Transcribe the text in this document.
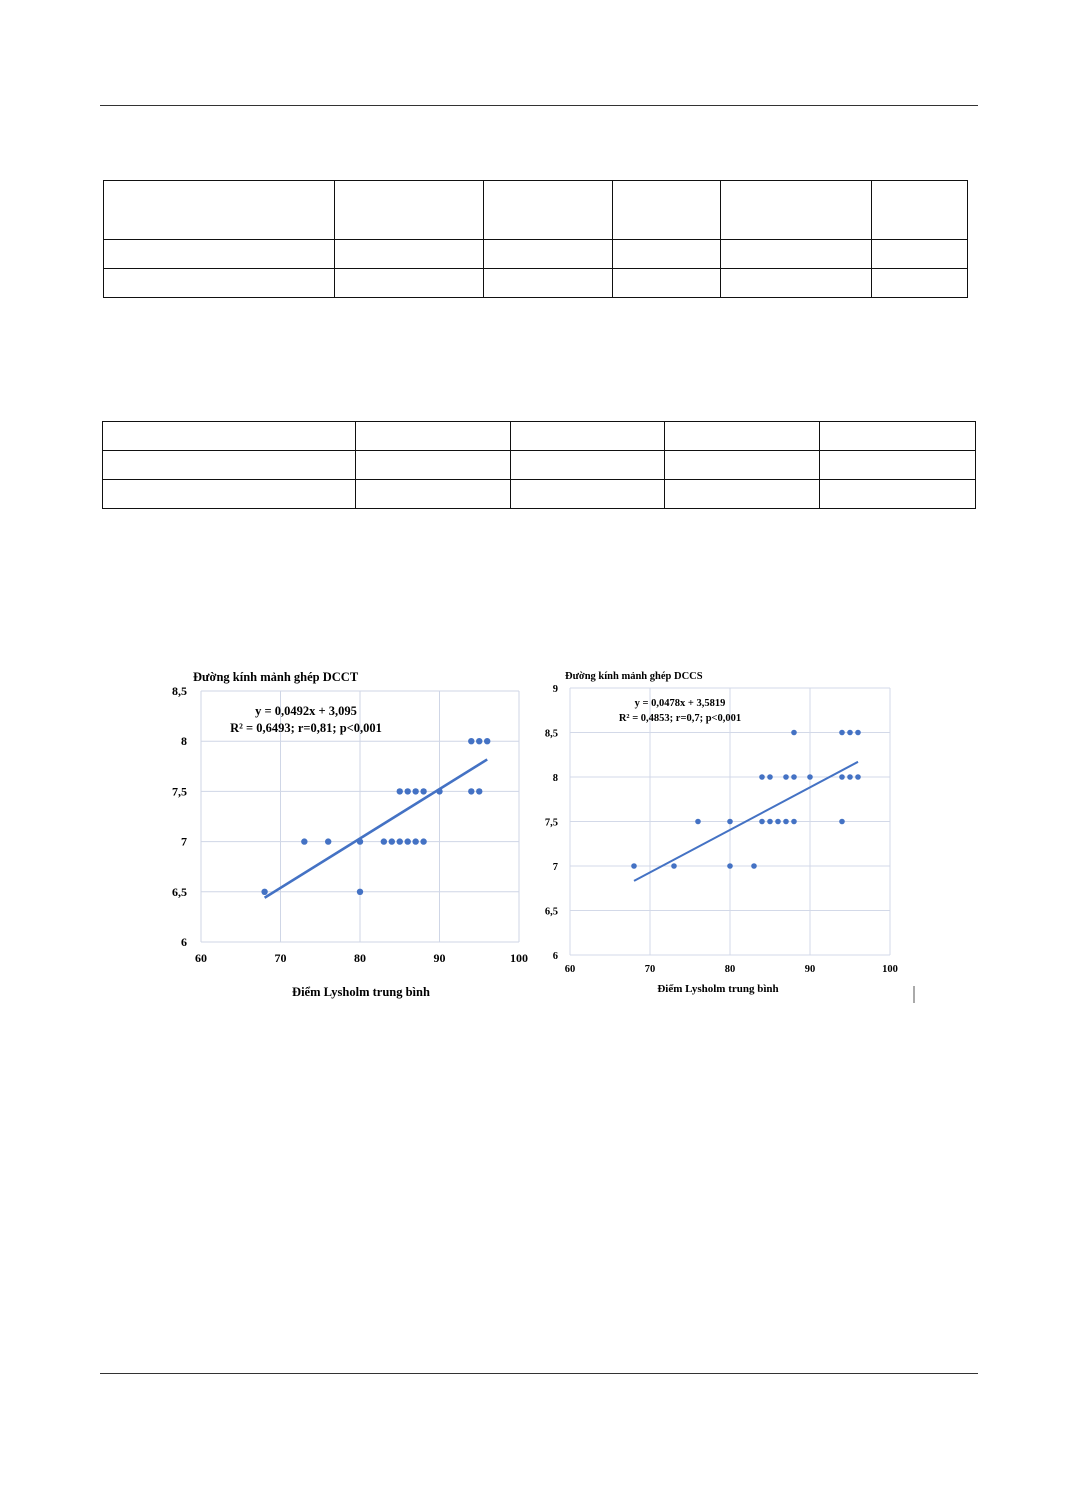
6
6,5
7
7,5
8
8,5
60	70	80	90	100
Đường kính mảnh ghép DCCT
y = 0,0492x + 3,095
R² = 0,6493; r=0,81; p<0,001
Điểm Lysholm trung bình
6
6,5
7
7,5
8
8,5
9
60	70	80	90	100
Đường kính mảnh ghép DCCS
y = 0,0478x + 3,5819
R² = 0,4853; r=0,7; p<0,001
Điểm Lysholm trung bình
